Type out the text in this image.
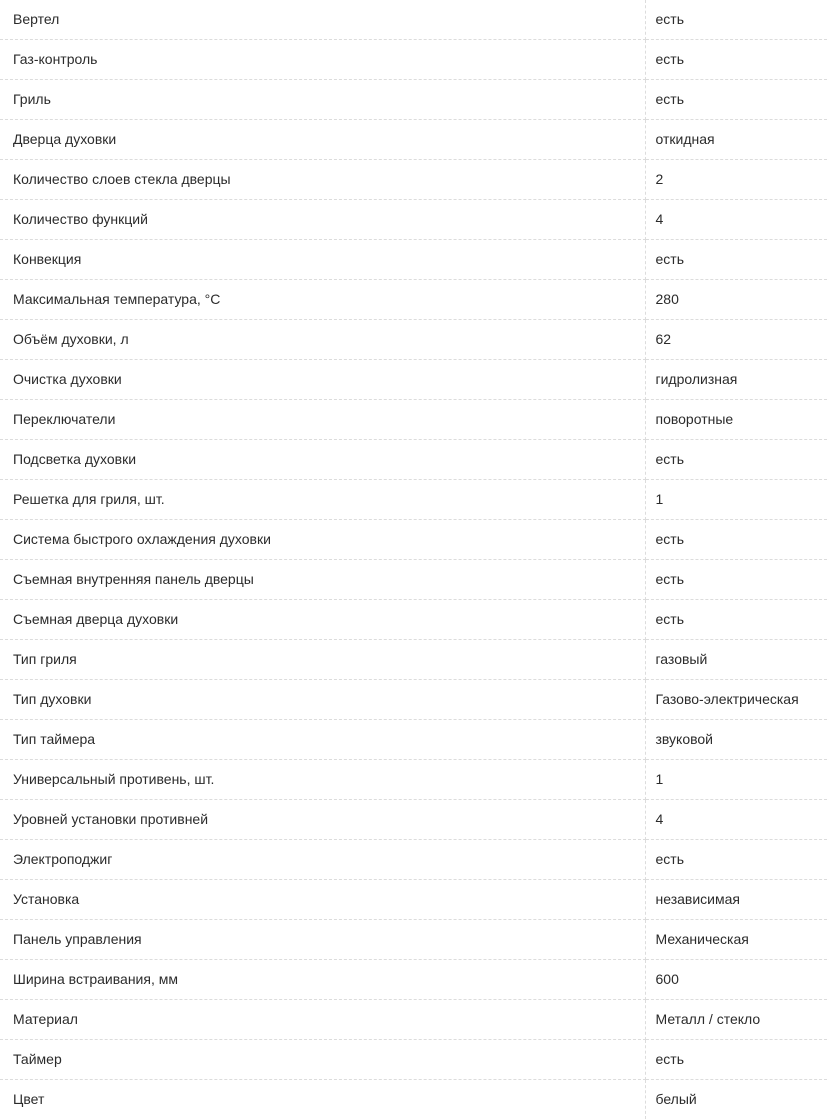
Вертел	есть
Газ-контроль	есть
Гриль	есть
Дверца духовки	откидная
Количество слоев стекла дверцы	2
Количество функций	4
Конвекция	есть
Максимальная температура, °C	280
Объём духовки, л	62
Очистка духовки	гидролизная
Переключатели	поворотные
Подсветка духовки	есть
Решетка для гриля, шт.	1
Система быстрого охлаждения духовки	есть
Съемная внутренняя панель дверцы	есть
Съемная дверца духовки	есть
Тип гриля	газовый
Тип духовки	Газово-электрическая
Тип таймера	звуковой
Универсальный противень, шт.	1
Уровней установки противней	4
Электроподжиг	есть
Установка	независимая
Панель управления	Механическая
Ширина встраивания, мм	600
Материал	Металл / стекло
Таймер	есть
Цвет	белый
